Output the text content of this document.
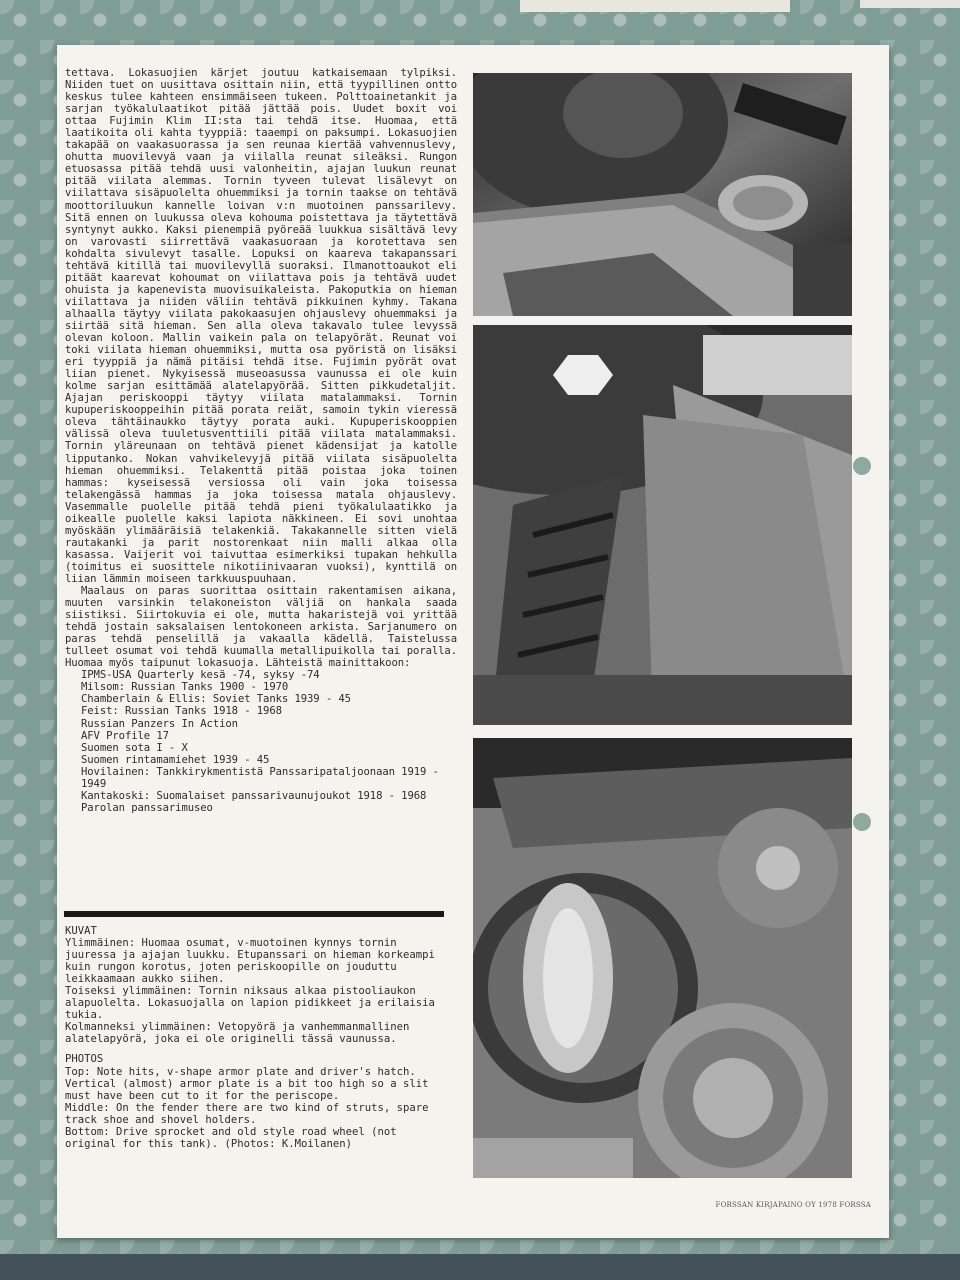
tettava. Lokasuojien kärjet joutuu katkaisemaan tylpiksi. Niiden tuet on uusittava osittain niin, että tyypillinen ontto keskus tulee kahteen ensimmäiseen tukeen. Polttoainetankit ja sarjan työkalulaatikot pitää jättää pois. Uudet boxit voi ottaa Fujimin Klim II:sta tai tehdä itse. Huomaa, että laatikoita oli kahta tyyppiä: taaempi on paksumpi. Lokasuojien takapää on vaakasuorassa ja sen reunaa kiertää vahvennuslevy, ohutta muovilevyä vaan ja viilalla reunat sileäksi. Rungon etuosassa pitää tehdä uusi valonheitin, ajajan luukun reunat pitää viilata alemmas. Tornin tyveen tulevat lisälevyt on viilattava sisäpuolelta ohuemmiksi ja tornin taakse on tehtävä moottoriluukun kannelle loivan v:n muotoinen panssarilevy. Sitä ennen on luukussa oleva kohouma poistettava ja täytettävä syntynyt aukko. Kaksi pienempiä pyöreää luukkua sisältävä levy on varovasti siirrettävä vaakasuoraan ja korotettava sen kohdalta sivulevyt tasalle. Lopuksi on kaareva takapanssari tehtävä kitillä tai muovilevyllä suoraksi. Ilmanottoaukot eli pitäät kaarevat kohoumat on viilattava pois ja tehtävä uudet ohuista ja kapenevista muovisuikaleista. Pakoputkia on hieman viilattava ja niiden väliin tehtävä pikkuinen kyhmy. Takana alhaalla täytyy viilata pakokaasujen ohjauslevy ohuemmaksi ja siirtää sitä hieman. Sen alla oleva takavalo tulee levyssä olevan koloon. Mallin vaikein pala on telapyörät. Reunat voi toki viilata hieman ohuemmiksi, mutta osa pyöristä on lisäksi eri tyyppiä ja nämä pitäisi tehdä itse. Fujimin pyörät ovat liian pienet. Nykyisessä museoasussa vaunussa ei ole kuin kolme sarjan esittämää alatelapyörää. Sitten pikkudetaljit. Ajajan periskooppi täytyy viilata matalammaksi. Tornin kupuperiskooppeihin pitää porata reiät, samoin tykin vieressä oleva tähtäinaukko täytyy porata auki. Kupuperiskooppien välissä oleva tuuletusventtiili pitää viilata matalammaksi. Tornin yläreunaan on tehtävä pienet kädensijat ja katolle lipputanko. Nokan vahvikelevyjä pitää viilata sisäpuolelta hieman ohuemmiksi. Telakenttä pitää poistaa joka toinen hammas: kyseisessä versiossa oli vain joka toisessa telakengässä hammas ja joka toisessa matala ohjauslevy. Vasemmalle puolelle pitää tehdä pieni työkalulaatikko ja oikealle puolelle kaksi lapiota näkkineen. Ei sovi unohtaa myöskään ylimääräisiä telakenkiä. Takakannelle sitten vielä rautakanki ja parit nostorenkaat niin malli alkaa olla kasassa. Vaijerit voi taivuttaa esimerkiksi tupakan hehkulla (toimitus ei suosittele nikotiinivaaran vuoksi), kynttilä on liian lämmin moiseen tarkkuuspuuhaan.

Maalaus on paras suorittaa osittain rakentamisen aikana, muuten varsinkin telakoneiston väljiä on hankala saada siistiksi. Siirtokuvia ei ole, mutta hakaristejä voi yrittää tehdä jostain saksalaisen lentokoneen arkista. Sarjanumero on paras tehdä penselillä ja vakaalla kädellä. Taistelussa tulleet osumat voi tehdä kuumalla metallipuikolla tai poralla. Huomaa myös taipunut lokasuoja. Lähteistä mainittakoon:

IPMS-USA Quarterly kesä -74, syksy -74
Milsom: Russian Tanks 1900 - 1970
Chamberlain & Ellis: Soviet Tanks 1939 - 45
Feist: Russian Tanks 1918 - 1968
Russian Panzers In Action
AFV Profile 17
Suomen sota I - X
Suomen rintamamiehet 1939 - 45
Hovilainen: Tankkirykmentistä Panssaripataljoonaan 1919 - 1949
Kantakoski: Suomalaiset panssarivaunujoukot 1918 - 1968
Parolan panssarimuseo

KUVAT

Ylimmäinen: Huomaa osumat, v-muotoinen kynnys tornin juuressa ja ajajan luukku. Etupanssari on hieman korkeampi kuin rungon korotus, joten periskoopille on jouduttu leikkaamaan aukko siihen.

Toiseksi ylimmäinen: Tornin niksaus alkaa pistooliaukon alapuolelta. Lokasuojalla on lapion pidikkeet ja erilaisia tukia.

Kolmanneksi ylimmäinen: Vetopyörä ja vanhemmanmallinen alatelapyörä, joka ei ole originelli tässä vaunussa.

PHOTOS

Top: Note hits, v-shape armor plate and driver's hatch. Vertical (almost) armor plate is a bit too high so a slit must have been cut to it for the periscope.

Middle: On the fender there are two kind of struts, spare track shoe and shovel holders.

Bottom: Drive sprocket and old style road wheel (not original for this tank). (Photos: K.Moilanen)

FORSSAN KIRJAPAINO OY 1978 FORSSA
